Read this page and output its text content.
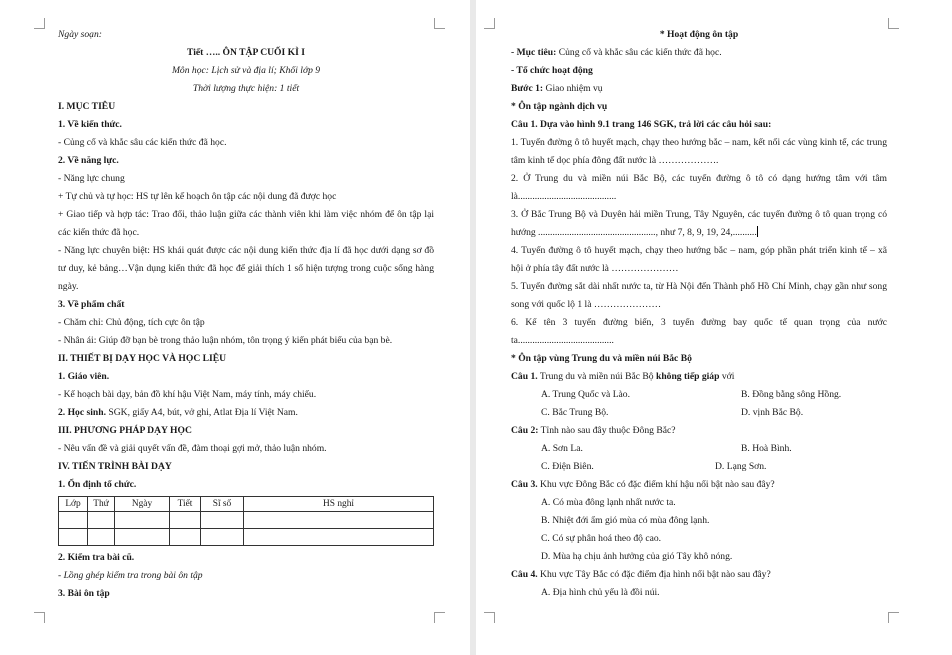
Ngày soạn:
Tiết ….. ÔN TẬP CUỐI KÌ I
Môn học: Lịch sử và địa lí; Khối lớp 9
Thời lượng thực hiện: 1 tiết
I. MỤC TIÊU
1. Về kiến thức.
- Củng cố và khắc sâu các kiến thức đã học.
2. Về năng lực.
- Năng lực chung
+ Tự chủ và tự học: HS tự lên kế hoạch ôn tập các nội dung đã được học
+ Giao tiếp và hợp tác: Trao đổi, thảo luận giữa các thành viên khi làm việc nhóm để ôn tập lại các kiến thức đã học.
- Năng lực chuyên biệt: HS khái quát được các nội dung kiến thức địa lí đã học dưới dạng sơ đồ tư duy, kẻ bảng…Vận dụng kiến thức đã học để giải thích 1 số hiện tượng trong cuộc sống hàng ngày.
3. Về phẩm chất
- Chăm chỉ: Chủ động, tích cực ôn tập
- Nhân ái: Giúp đỡ bạn bè trong thảo luận nhóm, tôn trọng ý kiến phát biểu của bạn bè.
II. THIẾT BỊ DẠY HỌC VÀ HỌC LIỆU
1. Giáo viên.
- Kế hoạch bài dạy, bản đồ khí hậu Việt Nam, máy tính, máy chiếu.
2. Học sinh. SGK, giấy A4, bút, vở ghi, Atlat Địa lí Việt Nam.
III. PHƯƠNG PHÁP DẠY HỌC
- Nêu vấn đề và giải quyết vấn đề, đàm thoại gợi mở, thảo luận nhóm.
IV. TIẾN TRÌNH BÀI DẠY
1. Ổn định tổ chức.
Lớp	Thứ	Ngày	Tiết	Sĩ số	HS nghỉ

2. Kiểm tra bài cũ.
- Lồng ghép kiểm tra trong bài ôn tập
3. Bài ôn tập
* Hoạt động ôn tập
- Mục tiêu: Củng cố và khắc sâu các kiến thức đã học.
- Tổ chức hoạt động
Bước 1: Giao nhiệm vụ
* Ôn tập ngành dịch vụ
Câu 1. Dựa vào hình 9.1 trang 146 SGK, trả lời các câu hỏi sau:
1. Tuyến đường ô tô huyết mạch, chạy theo hướng bắc – nam, kết nối các vùng kinh tế, các trung tâm kinh tế dọc phía đông đất nước là ……………….
2. Ở Trung du và miền núi Bắc Bộ, các tuyến đường ô tô có dạng hướng tâm với tâm là.........................................
3. Ở Bắc Trung Bộ và Duyên hải miền Trung, Tây Nguyên, các tuyến đường ô tô quan trọng có hướng ................................................., như 7, 8, 9, 19, 24,..........
4. Tuyến đường ô tô huyết mạch, chạy theo hướng bắc – nam, góp phần phát triển kinh tế – xã hội ở phía tây đất nước là …………………
5. Tuyến đường sắt dài nhất nước ta, từ Hà Nội đến Thành phố Hồ Chí Minh, chạy gần như song song với quốc lộ 1 là …………………
6. Kể tên 3 tuyến đường biển, 3 tuyến đường bay quốc tế quan trọng của nước ta........................................
* Ôn tập vùng Trung du và miền núi Bắc Bộ
Câu 1. Trung du và miền núi Bắc Bộ không tiếp giáp với
A. Trung Quốc và Lào.	B. Đồng bằng sông Hồng.
C. Bắc Trung Bộ.	D. vịnh Bắc Bộ.
Câu 2: Tỉnh nào sau đây thuộc Đông Bắc?
A. Sơn La.	B. Hoà Bình.
C. Điện Biên.	D. Lạng Sơn.
Câu 3. Khu vực Đông Bắc có đặc điểm khí hậu nổi bật nào sau đây?
A. Có mùa đông lạnh nhất nước ta.
B. Nhiệt đới ẩm gió mùa có mùa đông lạnh.
C. Có sự phân hoá theo độ cao.
D. Mùa hạ chịu ảnh hưởng của gió Tây khô nóng.
Câu 4. Khu vực Tây Bắc có đặc điểm địa hình nổi bật nào sau đây?
A. Địa hình chủ yếu là đồi núi.
